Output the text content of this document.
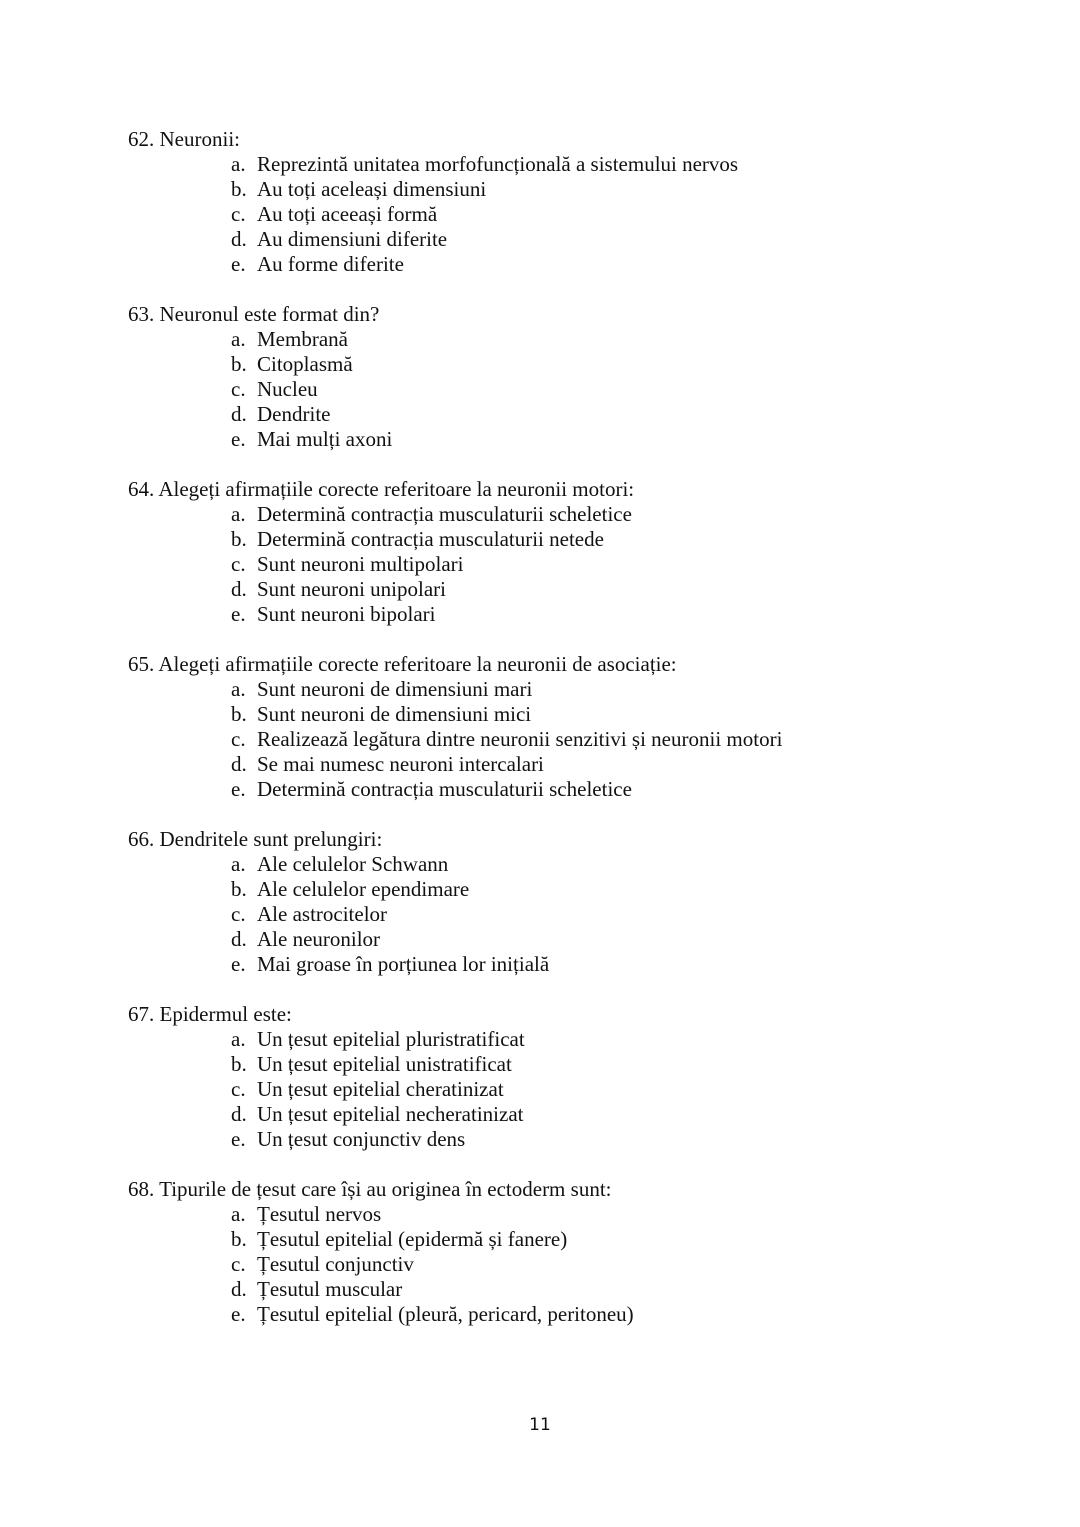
62. Neuronii:
a. Reprezintă unitatea morfofuncțională a sistemului nervos
b. Au toți aceleași dimensiuni
c. Au toți aceeași formă
d. Au dimensiuni diferite
e. Au forme diferite
63. Neuronul este format din?
a. Membrană
b. Citoplasmă
c. Nucleu
d. Dendrite
e. Mai mulți axoni
64. Alegeți afirmațiile corecte referitoare la neuronii motori:
a. Determină contracția musculaturii scheletice
b. Determină contracția musculaturii netede
c. Sunt neuroni multipolari
d. Sunt neuroni unipolari
e. Sunt neuroni bipolari
65. Alegeți afirmațiile corecte referitoare la neuronii de asociație:
a. Sunt neuroni de dimensiuni mari
b. Sunt neuroni de dimensiuni mici
c. Realizează legătura dintre neuronii senzitivi și neuronii motori
d. Se mai numesc neuroni intercalari
e. Determină contracția musculaturii scheletice
66. Dendritele sunt prelungiri:
a. Ale celulelor Schwann
b. Ale celulelor ependimare
c. Ale astrocitelor
d. Ale neuronilor
e. Mai groase în porțiunea lor inițială
67. Epidermul este:
a. Un țesut epitelial pluristratificat
b. Un țesut epitelial unistratificat
c. Un țesut epitelial cheratinizat
d. Un țesut epitelial necheratinizat
e. Un țesut conjunctiv dens
68. Tipurile de țesut care își au originea în ectoderm sunt:
a. Țesutul nervos
b. Țesutul epitelial (epidermă și fanere)
c. Țesutul conjunctiv
d. Țesutul muscular
e. Țesutul epitelial (pleură, pericard, peritoneu)
11
